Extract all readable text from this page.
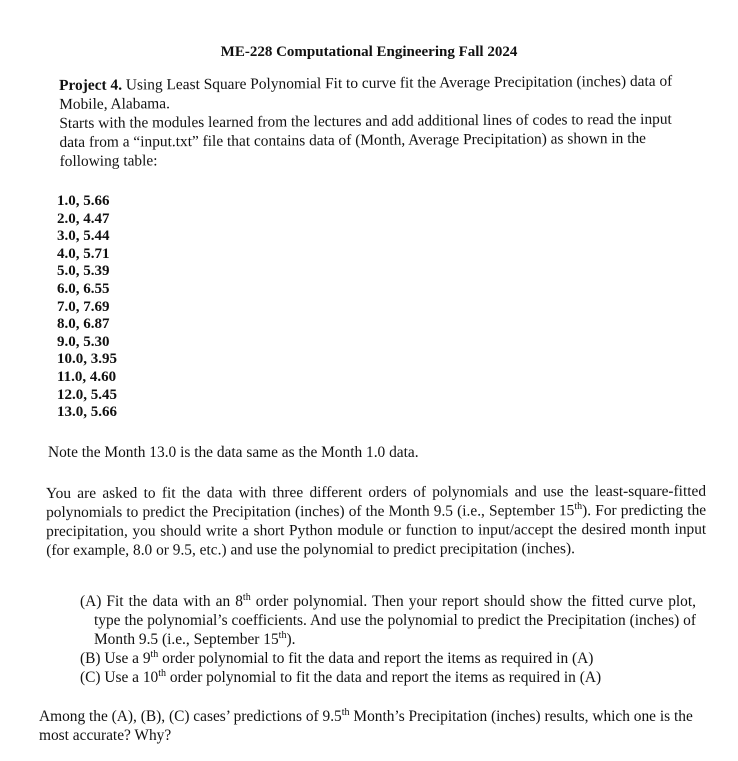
ME-228 Computational Engineering Fall 2024
Project 4. Using Least Square Polynomial Fit to curve fit the Average Precipitation (inches) data of Mobile, Alabama.
Starts with the modules learned from the lectures and add additional lines of codes to read the input data from a “input.txt” file that contains data of (Month, Average Precipitation) as shown in the following table:
1.0, 5.66
2.0, 4.47
3.0, 5.44
4.0, 5.71
5.0, 5.39
6.0, 6.55
7.0, 7.69
8.0, 6.87
9.0, 5.30
10.0, 3.95
11.0, 4.60
12.0, 5.45
13.0, 5.66
Note the Month 13.0 is the data same as the Month 1.0 data.
You are asked to fit the data with three different orders of polynomials and use the least-square-fitted polynomials to predict the Precipitation (inches) of the Month 9.5 (i.e., September 15th). For predicting the precipitation, you should write a short Python module or function to input/accept the desired month input (for example, 8.0 or 9.5, etc.) and use the polynomial to predict precipitation (inches).
(A) Fit the data with an 8th order polynomial. Then your report should show the fitted curve plot, type the polynomial’s coefficients. And use the polynomial to predict the Precipitation (inches) of Month 9.5 (i.e., September 15th).
(B) Use a 9th order polynomial to fit the data and report the items as required in (A)
(C) Use a 10th order polynomial to fit the data and report the items as required in (A)
Among the (A), (B), (C) cases’ predictions of 9.5th Month’s Precipitation (inches) results, which one is the most accurate? Why?
